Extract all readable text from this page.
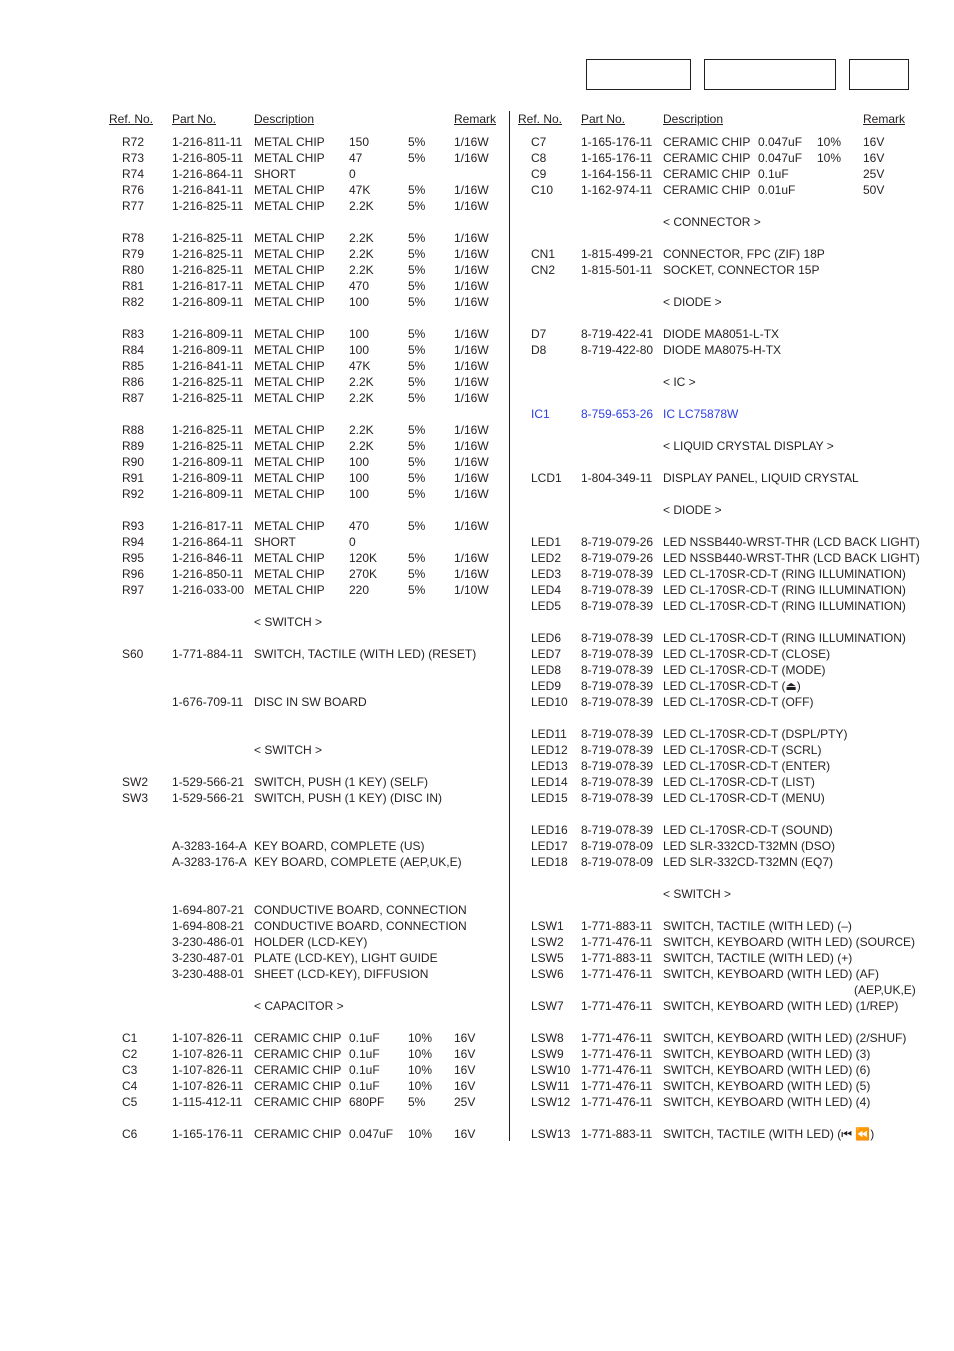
Ref. No. Part No.	Description	Remark
R72 1-216-811-11 METAL CHIP 150	5% 1/16W
R73 1-216-805-11 METAL CHIP 47	5% 1/16W
R74 1-216-864-11 SHORT	0
R76 1-216-841-11 METAL CHIP 47K	5% 1/16W
R77 1-216-825-11 METAL CHIP 2.2K	5% 1/16W
R78 1-216-825-11 METAL CHIP 2.2K	5% 1/16W
R79 1-216-825-11 METAL CHIP 2.2K	5% 1/16W
R80 1-216-825-11 METAL CHIP 2.2K	5% 1/16W
R81 1-216-817-11 METAL CHIP 470	5% 1/16W
R82 1-216-809-11 METAL CHIP 100	5% 1/16W
R83 1-216-809-11 METAL CHIP 100	5% 1/16W
R84 1-216-809-11 METAL CHIP 100	5% 1/16W
R85 1-216-841-11 METAL CHIP 47K	5% 1/16W
R86 1-216-825-11 METAL CHIP 2.2K	5% 1/16W
R87 1-216-825-11 METAL CHIP 2.2K	5% 1/16W
R88 1-216-825-11 METAL CHIP 2.2K	5% 1/16W
R89 1-216-825-11 METAL CHIP 2.2K	5% 1/16W
R90 1-216-809-11 METAL CHIP 100	5% 1/16W
R91 1-216-809-11 METAL CHIP 100	5% 1/16W
R92 1-216-809-11 METAL CHIP 100	5% 1/16W
R93 1-216-817-11 METAL CHIP 470	5% 1/16W
R94 1-216-864-11 SHORT	0
R95 1-216-846-11 METAL CHIP 120K	5% 1/16W
R96 1-216-850-11 METAL CHIP 270K	5% 1/16W
R97 1-216-033-00 METAL CHIP 220	5% 1/10W
< SWITCH >
S60 1-771-884-11 SWITCH, TACTILE (WITH LED) (RESET)
1-676-709-11 DISC IN SW BOARD
< SWITCH >
SW2 1-529-566-21 SWITCH, PUSH (1 KEY) (SELF)
SW3 1-529-566-21 SWITCH, PUSH (1 KEY) (DISC IN)
A-3283-164-A KEY BOARD, COMPLETE (US)
A-3283-176-A KEY BOARD, COMPLETE (AEP,UK,E)
1-694-807-21 CONDUCTIVE BOARD, CONNECTION
1-694-808-21 CONDUCTIVE BOARD, CONNECTION
3-230-486-01 HOLDER (LCD-KEY)
3-230-487-01 PLATE (LCD-KEY), LIGHT GUIDE
3-230-488-01 SHEET (LCD-KEY), DIFFUSION
< CAPACITOR >
C1	1-107-826-11 CERAMIC CHIP 0.1uF 10% 16V
C2	1-107-826-11 CERAMIC CHIP 0.1uF 10% 16V
C3	1-107-826-11 CERAMIC CHIP 0.1uF 10% 16V
C4	1-107-826-11 CERAMIC CHIP 0.1uF 10% 16V
C5	1-115-412-11 CERAMIC CHIP 680PF 5% 25V
C6	1-165-176-11 CERAMIC CHIP 0.047uF 10% 16V
Ref. No. Part No.	Description	Remark
C7	1-165-176-11 CERAMIC CHIP 0.047uF 10% 16V
C8	1-165-176-11 CERAMIC CHIP 0.047uF 10% 16V
C9	1-164-156-11 CERAMIC CHIP 0.1uF	25V
C10 1-162-974-11 CERAMIC CHIP 0.01uF	50V
< CONNECTOR >
CN1 1-815-499-21 CONNECTOR, FPC (ZIF) 18P
CN2 1-815-501-11 SOCKET, CONNECTOR 15P
< DIODE >
D7	8-719-422-41 DIODE MA8051-L-TX
D8	8-719-422-80 DIODE MA8075-H-TX
< IC >
IC1	8-759-653-26 IC LC75878W
< LIQUID CRYSTAL DISPLAY >
LCD1 1-804-349-11 DISPLAY PANEL, LIQUID CRYSTAL
< DIODE >
LED1 8-719-079-26 LED NSSB440-WRST-THR (LCD BACK LIGHT)
LED2 8-719-079-26 LED NSSB440-WRST-THR (LCD BACK LIGHT)
LED3 8-719-078-39 LED CL-170SR-CD-T (RING ILLUMINATION)
LED4 8-719-078-39 LED CL-170SR-CD-T (RING ILLUMINATION)
LED5 8-719-078-39 LED CL-170SR-CD-T (RING ILLUMINATION)
LED6 8-719-078-39 LED CL-170SR-CD-T (RING ILLUMINATION)
LED7 8-719-078-39 LED CL-170SR-CD-T (CLOSE)
LED8 8-719-078-39 LED CL-170SR-CD-T (MODE)
LED9 8-719-078-39 LED CL-170SR-CD-T (⏏)
LED10 8-719-078-39 LED CL-170SR-CD-T (OFF)
LED11 8-719-078-39 LED CL-170SR-CD-T (DSPL/PTY)
LED12 8-719-078-39 LED CL-170SR-CD-T (SCRL)
LED13 8-719-078-39 LED CL-170SR-CD-T (ENTER)
LED14 8-719-078-39 LED CL-170SR-CD-T (LIST)
LED15 8-719-078-39 LED CL-170SR-CD-T (MENU)
LED16 8-719-078-39 LED CL-170SR-CD-T (SOUND)
LED17 8-719-078-09 LED SLR-332CD-T32MN (DSO)
LED18 8-719-078-09 LED SLR-332CD-T32MN (EQ7)
< SWITCH >
LSW1 1-771-883-11 SWITCH, TACTILE (WITH LED) (–)
LSW2 1-771-476-11 SWITCH, KEYBOARD (WITH LED) (SOURCE)
LSW5 1-771-883-11 SWITCH, TACTILE (WITH LED) (+)
LSW6 1-771-476-11 SWITCH, KEYBOARD (WITH LED) (AF)
(AEP,UK,E)
LSW7 1-771-476-11 SWITCH, KEYBOARD (WITH LED) (1/REP)
LSW8 1-771-476-11 SWITCH, KEYBOARD (WITH LED) (2/SHUF)
LSW9 1-771-476-11 SWITCH, KEYBOARD (WITH LED) (3)
LSW10 1-771-476-11 SWITCH, KEYBOARD (WITH LED) (6)
LSW11 1-771-476-11 SWITCH, KEYBOARD (WITH LED) (5)
LSW12 1-771-476-11 SWITCH, KEYBOARD (WITH LED) (4)
LSW13 1-771-883-11 SWITCH, TACTILE (WITH LED) (⏮ ⏪)
